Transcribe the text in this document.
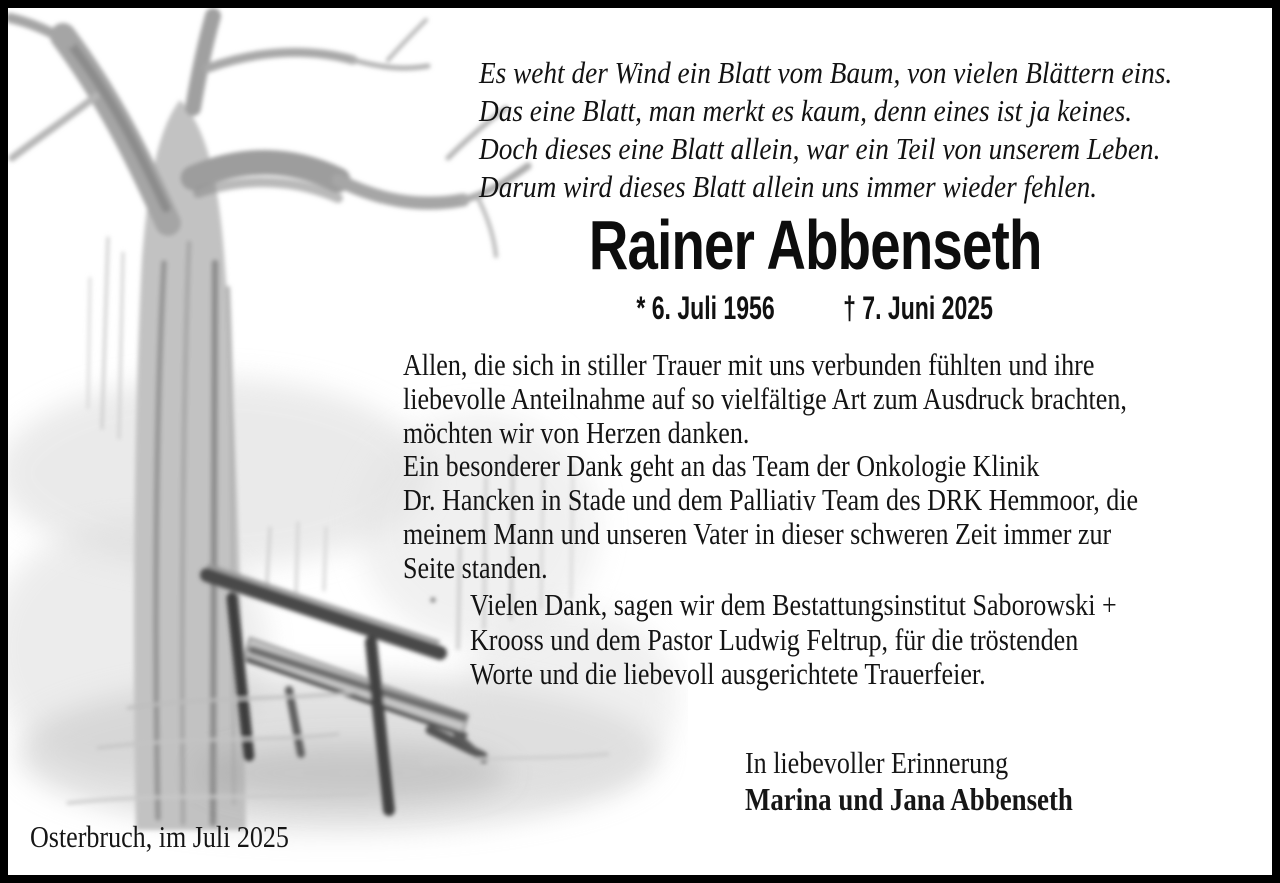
Es weht der Wind ein Blatt vom Baum, von vielen Blättern eins.
Das eine Blatt, man merkt es kaum, denn eines ist ja keines.
Doch dieses eine Blatt allein, war ein Teil von unserem Leben.
Darum wird dieses Blatt allein uns immer wieder fehlen.
Rainer Abbenseth
* 6. Juli 1956 † 7. Juni 2025
Allen, die sich in stiller Trauer mit uns verbunden fühlten und ihre
liebevolle Anteilnahme auf so vielfältige Art zum Ausdruck brachten,
möchten wir von Herzen danken.
Ein besonderer Dank geht an das Team der Onkologie Klinik
Dr. Hancken in Stade und dem Palliativ Team des DRK Hemmoor, die
meinem Mann und unseren Vater in dieser schweren Zeit immer zur
Seite standen.
Vielen Dank, sagen wir dem Bestattungsinstitut Saborowski +
Krooss und dem Pastor Ludwig Feltrup, für die tröstenden
Worte und die liebevoll ausgerichtete Trauerfeier.
In liebevoller Erinnerung
Marina und Jana Abbenseth
Osterbruch, im Juli 2025
